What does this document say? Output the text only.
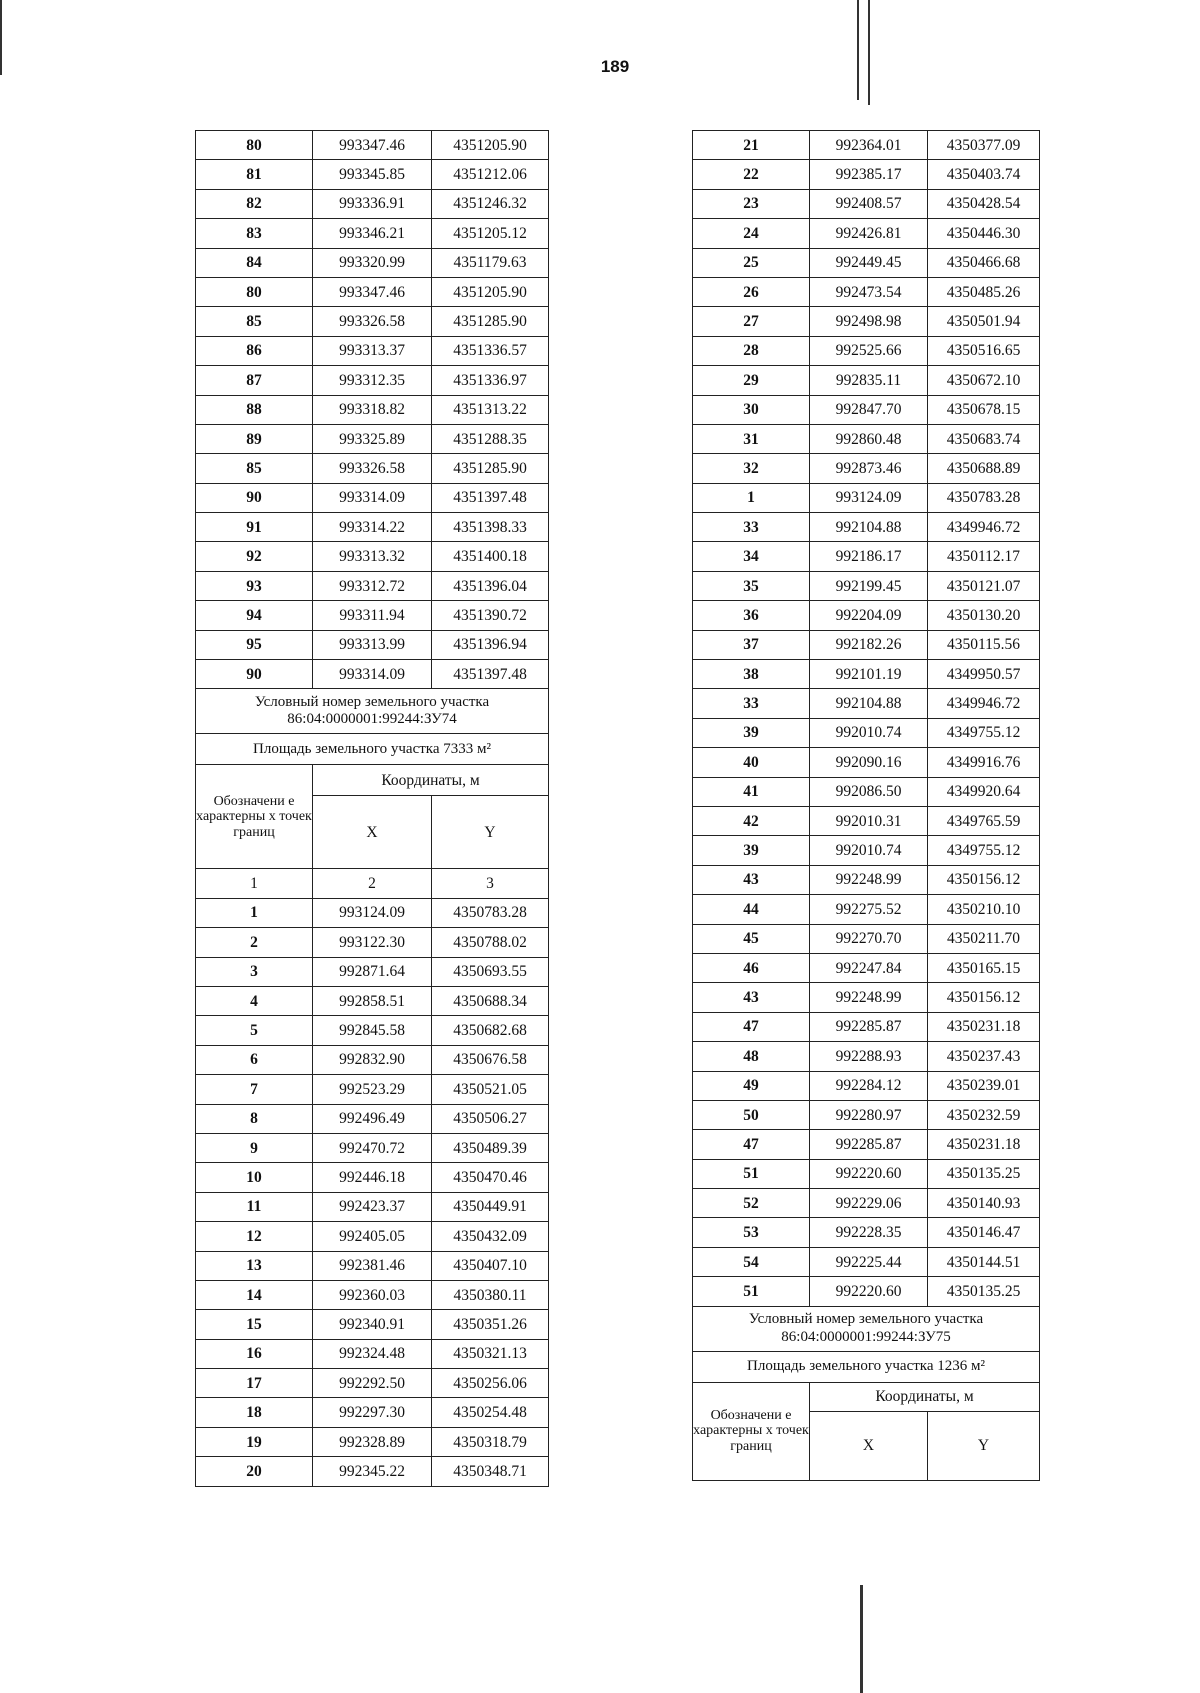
189
80	993347.46	4351205.90
81	993345.85	4351212.06
82	993336.91	4351246.32
83	993346.21	4351205.12
84	993320.99	4351179.63
80	993347.46	4351205.90
85	993326.58	4351285.90
86	993313.37	4351336.57
87	993312.35	4351336.97
88	993318.82	4351313.22
89	993325.89	4351288.35
85	993326.58	4351285.90
90	993314.09	4351397.48
91	993314.22	4351398.33
92	993313.32	4351400.18
93	993312.72	4351396.04
94	993311.94	4351390.72
95	993313.99	4351396.94
90	993314.09	4351397.48
Условный номер земельного участка
86:04:0000001:99244:ЗУ74		
Площадь земельного участка 7333 м²		
Обозначени е характерны х точек границ	Координаты, м	
	X	Y
1	2	3
1	993124.09	4350783.28
2	993122.30	4350788.02
3	992871.64	4350693.55
4	992858.51	4350688.34
5	992845.58	4350682.68
6	992832.90	4350676.58
7	992523.29	4350521.05
8	992496.49	4350506.27
9	992470.72	4350489.39
10	992446.18	4350470.46
11	992423.37	4350449.91
12	992405.05	4350432.09
13	992381.46	4350407.10
14	992360.03	4350380.11
15	992340.91	4350351.26
16	992324.48	4350321.13
17	992292.50	4350256.06
18	992297.30	4350254.48
19	992328.89	4350318.79
20	992345.22	4350348.71
21	992364.01	4350377.09
22	992385.17	4350403.74
23	992408.57	4350428.54
24	992426.81	4350446.30
25	992449.45	4350466.68
26	992473.54	4350485.26
27	992498.98	4350501.94
28	992525.66	4350516.65
29	992835.11	4350672.10
30	992847.70	4350678.15
31	992860.48	4350683.74
32	992873.46	4350688.89
1	993124.09	4350783.28
33	992104.88	4349946.72
34	992186.17	4350112.17
35	992199.45	4350121.07
36	992204.09	4350130.20
37	992182.26	4350115.56
38	992101.19	4349950.57
33	992104.88	4349946.72
39	992010.74	4349755.12
40	992090.16	4349916.76
41	992086.50	4349920.64
42	992010.31	4349765.59
39	992010.74	4349755.12
43	992248.99	4350156.12
44	992275.52	4350210.10
45	992270.70	4350211.70
46	992247.84	4350165.15
43	992248.99	4350156.12
47	992285.87	4350231.18
48	992288.93	4350237.43
49	992284.12	4350239.01
50	992280.97	4350232.59
47	992285.87	4350231.18
51	992220.60	4350135.25
52	992229.06	4350140.93
53	992228.35	4350146.47
54	992225.44	4350144.51
51	992220.60	4350135.25
Условный номер земельного участка
86:04:0000001:99244:ЗУ75		
Площадь земельного участка 1236 м²		
Обозначени е характерны х точек границ	Координаты, м	
	X	Y
